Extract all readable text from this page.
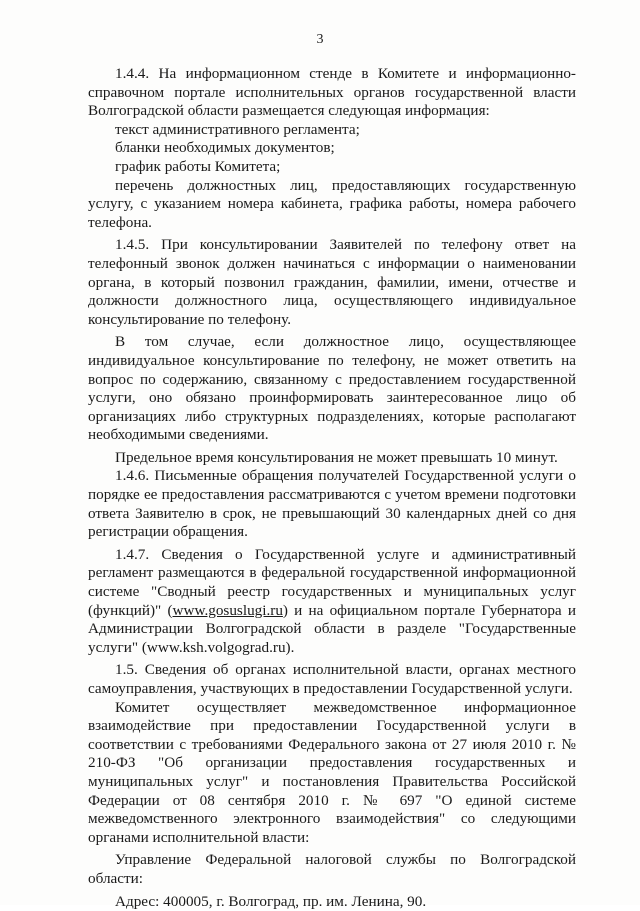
3

1.4.4. На информационном стенде в Комитете и информационно-справочном портале исполнительных органов государственной власти Волгоградской области размещается следующая информация:

текст административного регламента;

бланки необходимых документов;

график работы Комитета;

перечень должностных лиц, предоставляющих государственную услугу, с указанием номера кабинета, графика работы, номера рабочего телефона.

1.4.5. При консультировании Заявителей по телефону ответ на телефонный звонок должен начинаться с информации о наименовании органа, в который позвонил гражданин, фамилии, имени, отчестве и должности должностного лица, осуществляющего индивидуальное консультирование по телефону.

В том случае, если должностное лицо, осуществляющее индивидуальное консультирование по телефону, не может ответить на вопрос по содержанию, связанному с предоставлением государственной услуги, оно обязано проинформировать заинтересованное лицо об организациях либо структурных подразделениях, которые располагают необходимыми сведениями.

Предельное время консультирования не может превышать 10 минут.

1.4.6. Письменные обращения получателей Государственной услуги о порядке ее предоставления рассматриваются с учетом времени подготовки ответа Заявителю в срок, не превышающий 30 календарных дней со дня регистрации обращения.

1.4.7. Сведения о Государственной услуге и административный регламент размещаются в федеральной государственной информационной системе "Сводный реестр государственных и муниципальных услуг (функций)" (www.gosuslugi.ru) и на официальном портале Губернатора и Администрации Волгоградской области в разделе "Государственные услуги" (www.ksh.volgograd.ru).

1.5. Сведения об органах исполнительной власти, органах местного самоуправления, участвующих в предоставлении Государственной услуги.

Комитет осуществляет межведомственное информационное взаимодействие при предоставлении Государственной услуги в соответствии с требованиями Федерального закона от 27 июля 2010 г. № 210-ФЗ "Об организации предоставления государственных и муниципальных услуг" и постановления Правительства Российской Федерации от 08 сентября 2010 г. № 697 "О единой системе межведомственного электронного взаимодействия" со следующими органами исполнительной власти:

Управление Федеральной налоговой службы по Волгоградской области:

Адрес: 400005, г. Волгоград, пр. им. Ленина, 90.
